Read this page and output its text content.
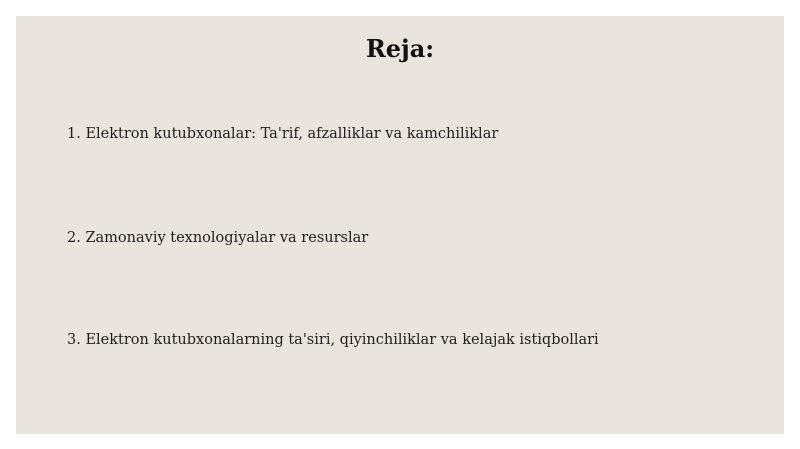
Reja:
1. Elektron kutubxonalar: Ta'rif, afzalliklar va kamchiliklar
2. Zamonaviy texnologiyalar va resurslar
3. Elektron kutubxonalarning ta'siri, qiyinchiliklar va kelajak istiqbollari
